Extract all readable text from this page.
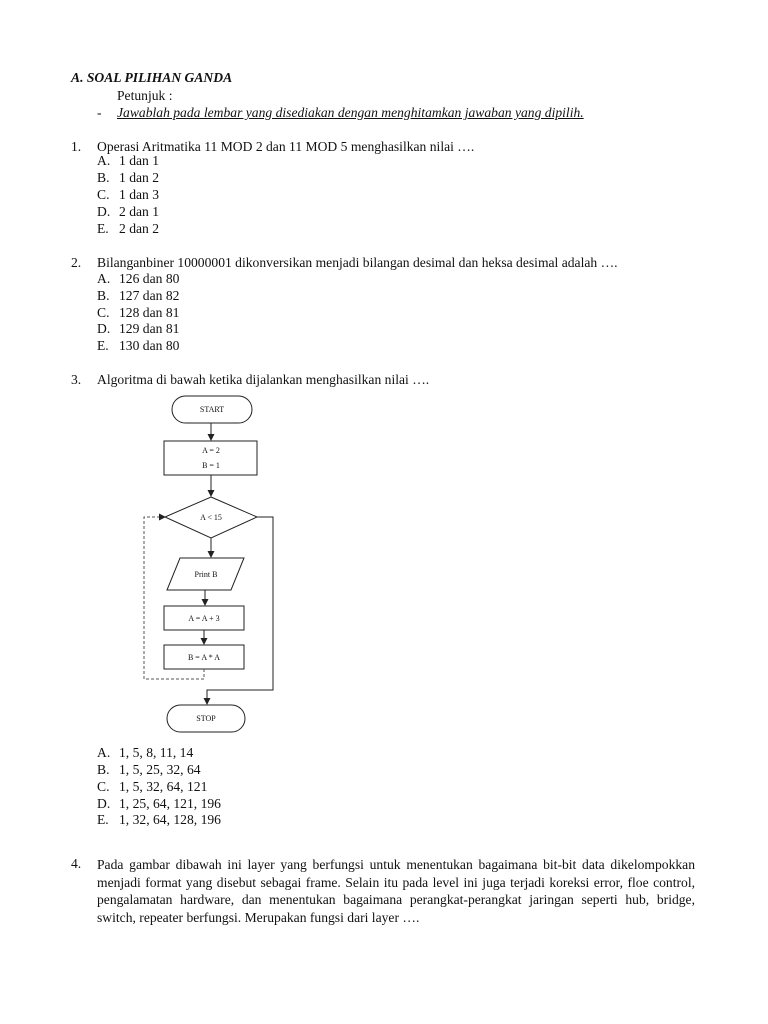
A. SOAL PILIHAN GANDA
Petunjuk :
- Jawablah pada lembar yang disediakan dengan menghitamkan jawaban yang dipilih.
1. Operasi Aritmatika 11 MOD 2 dan 11 MOD 5 menghasilkan nilai ….
A. 1 dan 1
B. 1 dan 2
C. 1 dan 3
D. 2 dan 1
E. 2 dan 2
2. Bilanganbiner 10000001 dikonversikan menjadi bilangan desimal dan heksa desimal adalah ….
A. 126 dan 80
B. 127 dan 82
C. 128 dan 81
D. 129 dan 81
E. 130 dan 80
3. Algoritma di bawah ketika dijalankan menghasilkan nilai ….
START
A = 2
B = 1
A < 15
Print B
A = A + 3
B = A * A
STOP
A. 1, 5, 8, 11, 14
B. 1, 5, 25, 32, 64
C. 1, 5, 32, 64, 121
D. 1, 25, 64, 121, 196
E. 1, 32, 64, 128, 196
4. Pada gambar dibawah ini layer yang berfungsi untuk menentukan bagaimana bit-bit data dikelompokkan menjadi format yang disebut sebagai frame. Selain itu pada level ini juga terjadi koreksi error, floe control, pengalamatan hardware, dan menentukan bagaimana perangkat-perangkat jaringan seperti hub, bridge, switch, repeater berfungsi. Merupakan fungsi dari layer ….
